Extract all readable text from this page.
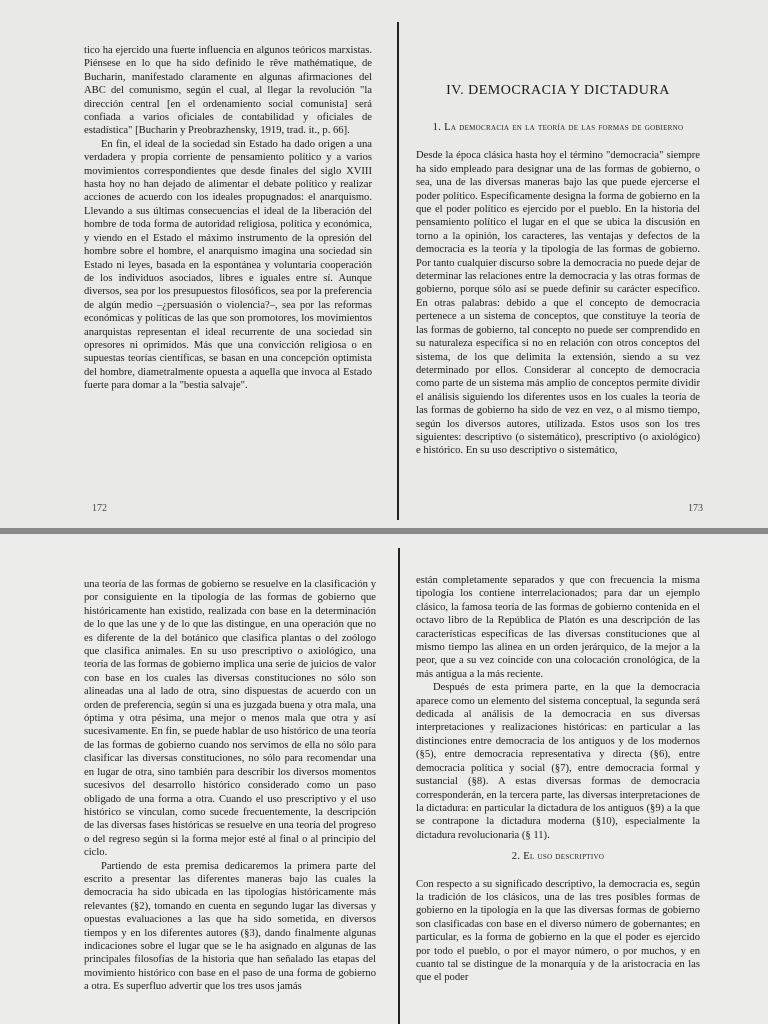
tico ha ejercido una fuerte influencia en algunos teóricos marxistas. Piénsese en lo que ha sido definido le rêve mathématique, de Bucharin, manifestado claramente en algunas afirmaciones del ABC del comunismo, según el cual, al llegar la revolución "la dirección central [en el ordenamiento social comunista] será confiada a varios oficiales de contabilidad y oficiales de estadística" [Bucharin y Preobrazhensky, 1919, trad. it., p. 66].

En fin, el ideal de la sociedad sin Estado ha dado origen a una verdadera y propia corriente de pensamiento político y a varios movimientos correspondientes que desde finales del siglo XVIII hasta hoy no han dejado de alimentar el debate político y realizar acciones de acuerdo con los ideales propugnados: el anarquismo. Llevando a sus últimas consecuencias el ideal de la liberación del hombre de toda forma de autoridad religiosa, política y económica, y viendo en el Estado el máximo instrumento de la opresión del hombre sobre el hombre, el anarquismo imagina una sociedad sin Estado ni leyes, basada en la espontánea y voluntaria cooperación de los individuos asociados, libres e iguales entre sí. Aunque diversos, sea por los presupuestos filosóficos, sea por la preferencia de algún medio –¿persuasión o violencia?–, sea por las reformas económicas y políticas de las que son promotores, los movimientos anarquistas representan el ideal recurrente de una sociedad sin opresores ni oprimidos. Más que una convicción religiosa o en supuestas teorías científicas, se basan en una concepción optimista del hombre, diametralmente opuesta a aquella que invoca al Estado fuerte para domar a la "bestia salvaje".

172
IV. DEMOCRACIA Y DICTADURA
1. La democracia en la teoría de las formas de gobierno

Desde la época clásica hasta hoy el término "democracia" siempre ha sido empleado para designar una de las formas de gobierno, o sea, una de las diversas maneras bajo las que puede ejercerse el poder político. Específicamente designa la forma de gobierno en la que el poder político es ejercido por el pueblo. En la historia del pensamiento político el lugar en el que se ubica la discusión en torno a la opinión, los caracteres, las ventajas y defectos de la democracia es la teoría y la tipología de las formas de gobierno. Por tanto cualquier discurso sobre la democracia no puede dejar de determinar las relaciones entre la democracia y las otras formas de gobierno, porque sólo así se puede definir su carácter específico. En otras palabras: debido a que el concepto de democracia pertenece a un sistema de conceptos, que constituye la teoría de las formas de gobierno, tal concepto no puede ser comprendido en su naturaleza específica si no en relación con otros conceptos del sistema, de los que delimita la extensión, siendo a su vez determinado por ellos. Considerar al concepto de democracia como parte de un sistema más amplio de conceptos permite dividir el análisis siguiendo los diferentes usos en los cuales la teoría de las formas de gobierno ha sido de vez en vez, o al mismo tiempo, según los diversos autores, utilizada. Estos usos son los tres siguientes: descriptivo (o sistemático), prescriptivo (o axiológico) e histórico. En su uso descriptivo o sistemático,

173

una teoría de las formas de gobierno se resuelve en la clasificación y por consiguiente en la tipología de las formas de gobierno que históricamente han existido, realizada con base en la determinación de lo que las une y de lo que las distingue, en una operación que no es diferente de la del botánico que clasifica plantas o del zoólogo que clasifica animales. En su uso prescriptivo o axiológico, una teoría de las formas de gobierno implica una serie de juicios de valor con base en los cuales las diversas constituciones no sólo son alineadas una al lado de otra, sino dispuestas de acuerdo con un orden de preferencia, según si una es juzgada buena y otra mala, una óptima y otra pésima, una mejor o menos mala que otra y así sucesivamente. En fin, se puede hablar de uso histórico de una teoría de las formas de gobierno cuando nos servimos de ella no sólo para clasificar las diversas constituciones, no sólo para recomendar una en lugar de otra, sino también para describir los diversos momentos sucesivos del desarrollo histórico considerado como un paso obligado de una forma a otra. Cuando el uso prescriptivo y el uso histórico se vinculan, como sucede frecuentemente, la descripción de las diversas fases históricas se resuelve en una teoría del progreso o del regreso según si la forma mejor esté al final o al principio del ciclo.

Partiendo de esta premisa dedicaremos la primera parte del escrito a presentar las diferentes maneras bajo las cuales la democracia ha sido ubicada en las tipologías históricamente más relevantes (§2), tomando en cuenta en segundo lugar las diversas y opuestas evaluaciones a las que ha sido sometida, en diversos tiempos y en los diferentes autores (§3), dando finalmente algunas indicaciones sobre el lugar que se le ha asignado en algunas de las principales filosofías de la historia que han señalado las etapas del movimiento histórico con base en el paso de una forma de gobierno a otra. Es superfluo advertir que los tres usos jamás

están completamente separados y que con frecuencia la misma tipología los contiene interrelacionados; para dar un ejemplo clásico, la famosa teoría de las formas de gobierno contenida en el octavo libro de la República de Platón es una descripción de las características específicas de las diversas constituciones que al mismo tiempo las alinea en un orden jerárquico, de la mejor a la peor, que a su vez coincide con una colocación cronológica, de la más antigua a la más reciente.

Después de esta primera parte, en la que la democracia aparece como un elemento del sistema conceptual, la segunda será dedicada al análisis de la democracia en sus diversas interpretaciones y realizaciones históricas: en particular a las distinciones entre democracia de los antiguos y de los modernos (§5), entre democracia representativa y directa (§6), entre democracia política y social (§7), entre democracia formal y sustancial (§8). A estas diversas formas de democracia corresponderán, en la tercera parte, las diversas interpretaciones de la dictadura: en particular la dictadura de los antiguos (§9) a la que se contrapone la dictadura moderna (§10), especialmente la dictadura revolucionaria (§ 11).

2. El uso descriptivo

Con respecto a su significado descriptivo, la democracia es, según la tradición de los clásicos, una de las tres posibles formas de gobierno en la tipología en la que las diversas formas de gobierno son clasificadas con base en el diverso número de gobernantes; en particular, es la forma de gobierno en la que el poder es ejercido por todo el pueblo, o por el mayor número, o por muchos, y en cuanto tal se distingue de la monarquía y de la aristocracia en las que el poder
